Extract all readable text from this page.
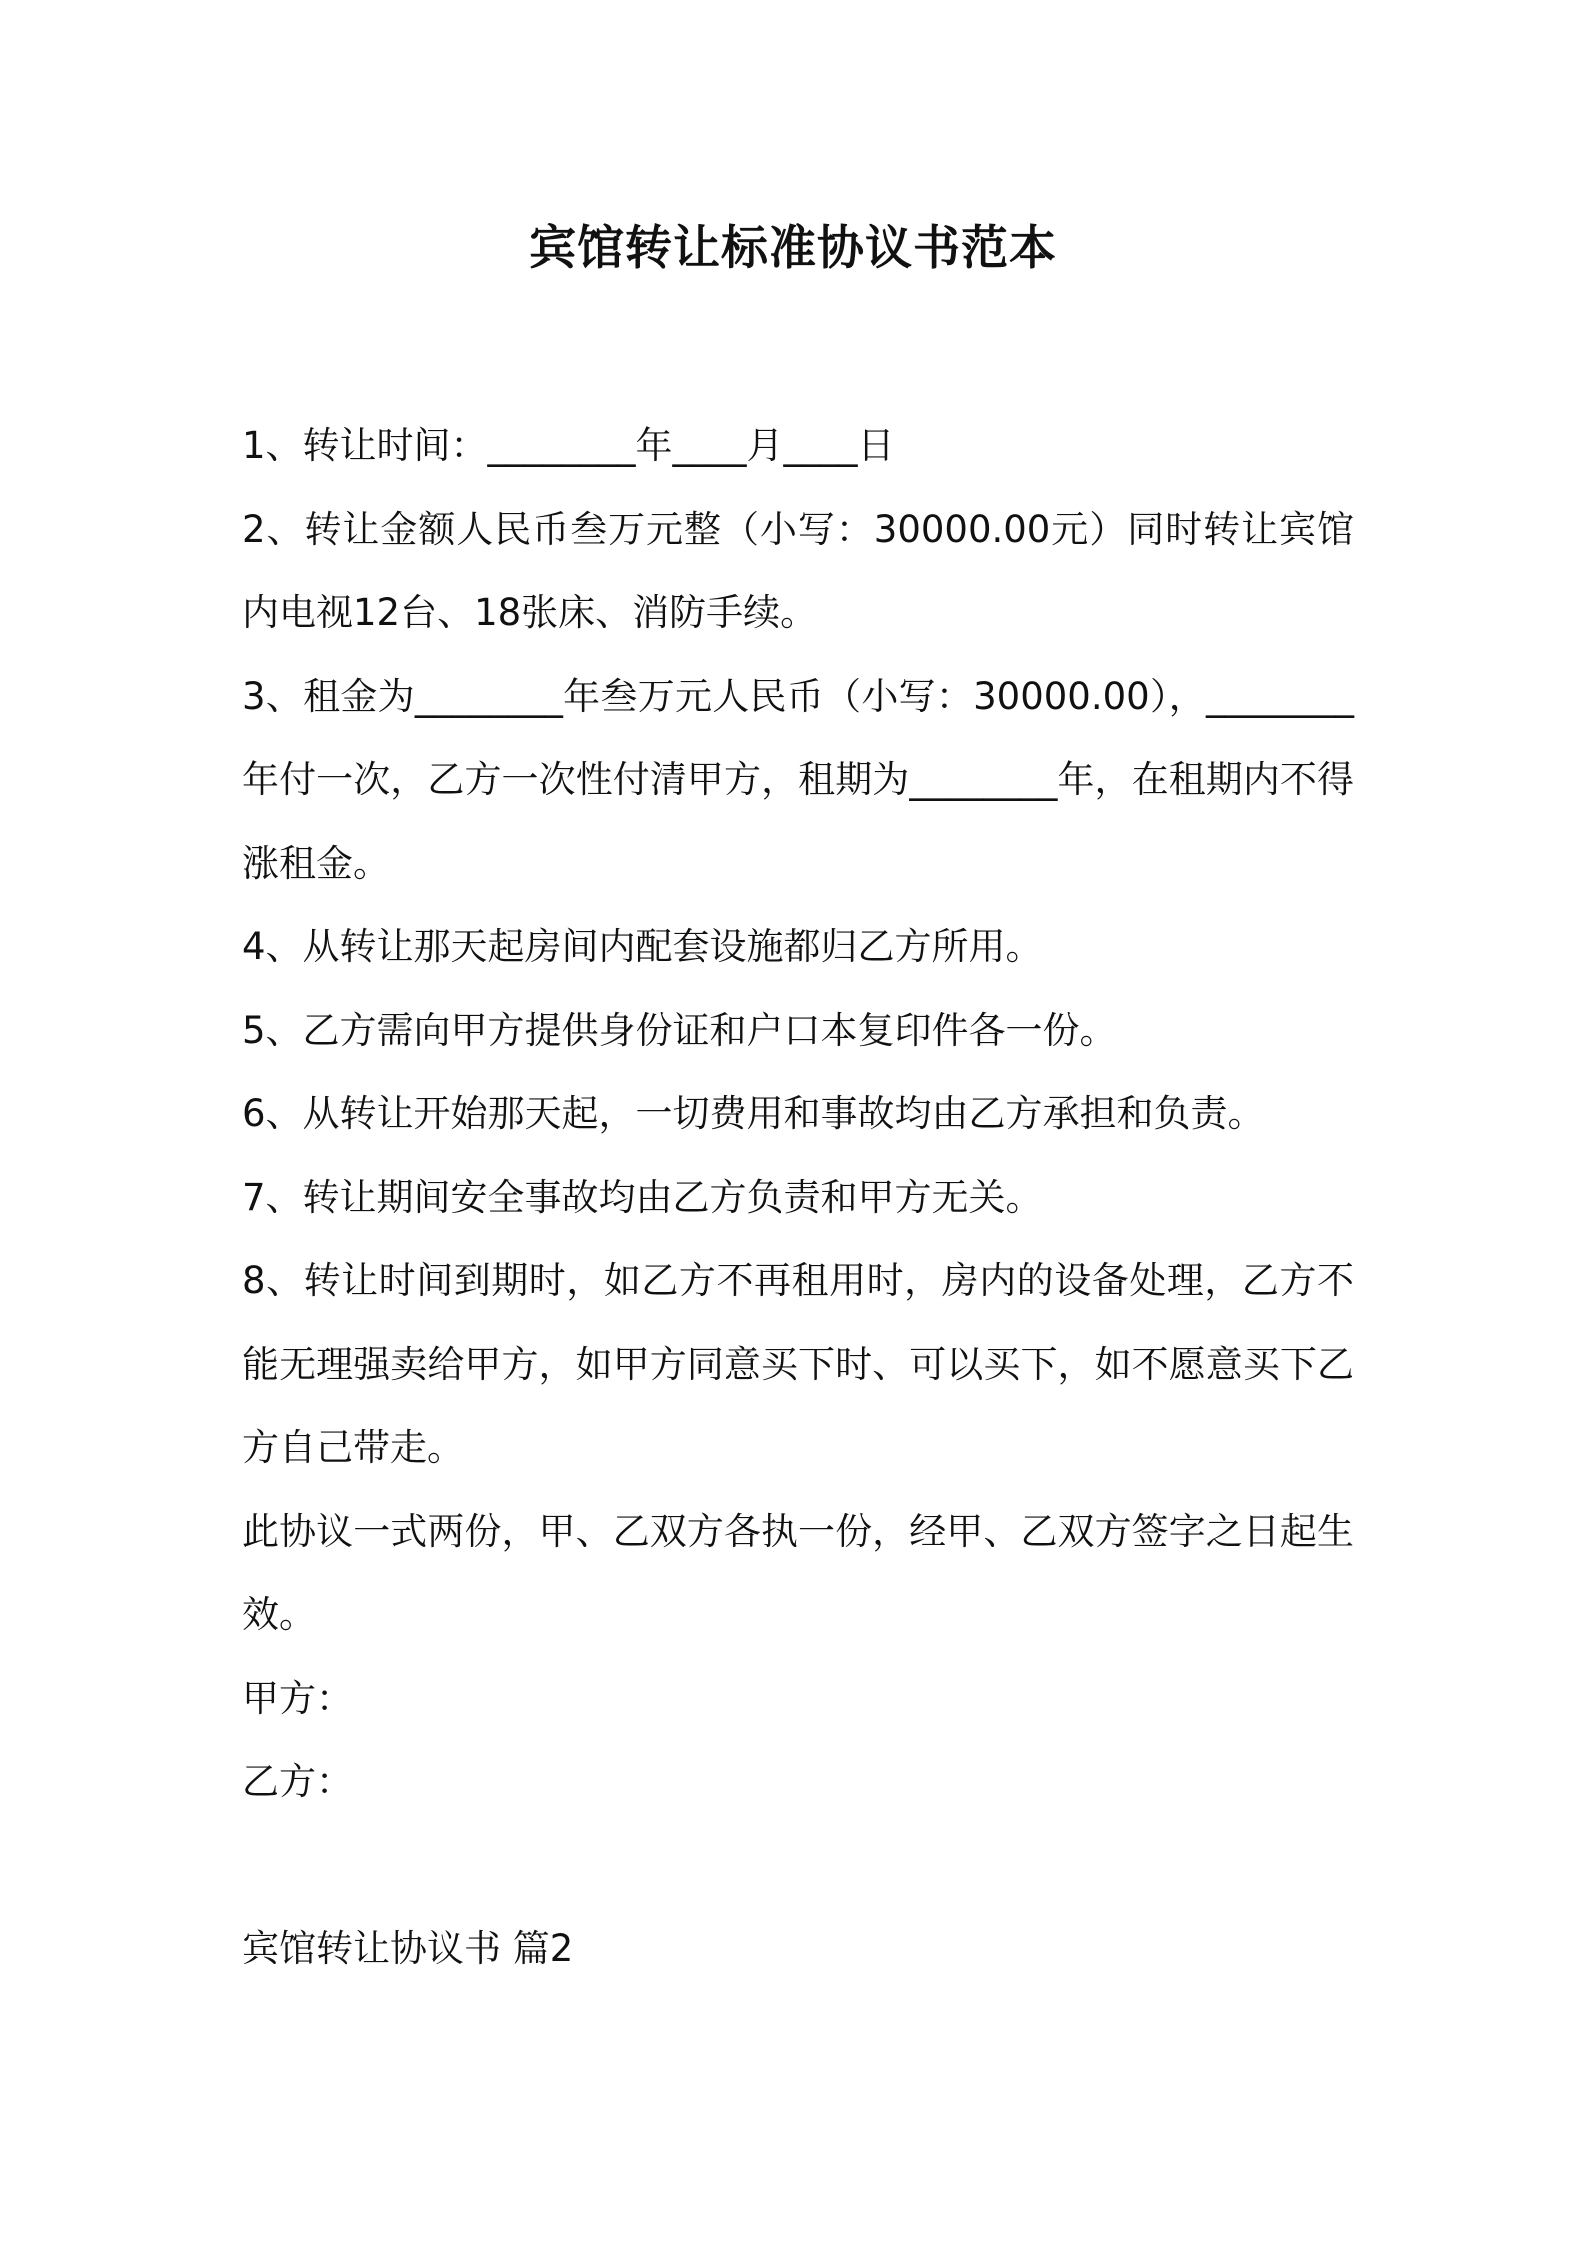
宾馆转让标准协议书范本

1、转让时间：________年____月____日

2、转让金额人民币叁万元整（小写：30000.00元）同时转让宾馆内电视12台、18张床、消防手续。

3、租金为________年叁万元人民币（小写：30000.00），________年付一次，乙方一次性付清甲方，租期为________年，在租期内不得涨租金。

4、从转让那天起房间内配套设施都归乙方所用。

5、乙方需向甲方提供身份证和户口本复印件各一份。

6、从转让开始那天起，一切费用和事故均由乙方承担和负责。

7、转让期间安全事故均由乙方负责和甲方无关。

8、转让时间到期时，如乙方不再租用时，房内的设备处理，乙方不能无理强卖给甲方，如甲方同意买下时、可以买下，如不愿意买下乙方自己带走。

此协议一式两份，甲、乙双方各执一份，经甲、乙双方签字之日起生效。

甲方：

乙方：

宾馆转让协议书 篇2
